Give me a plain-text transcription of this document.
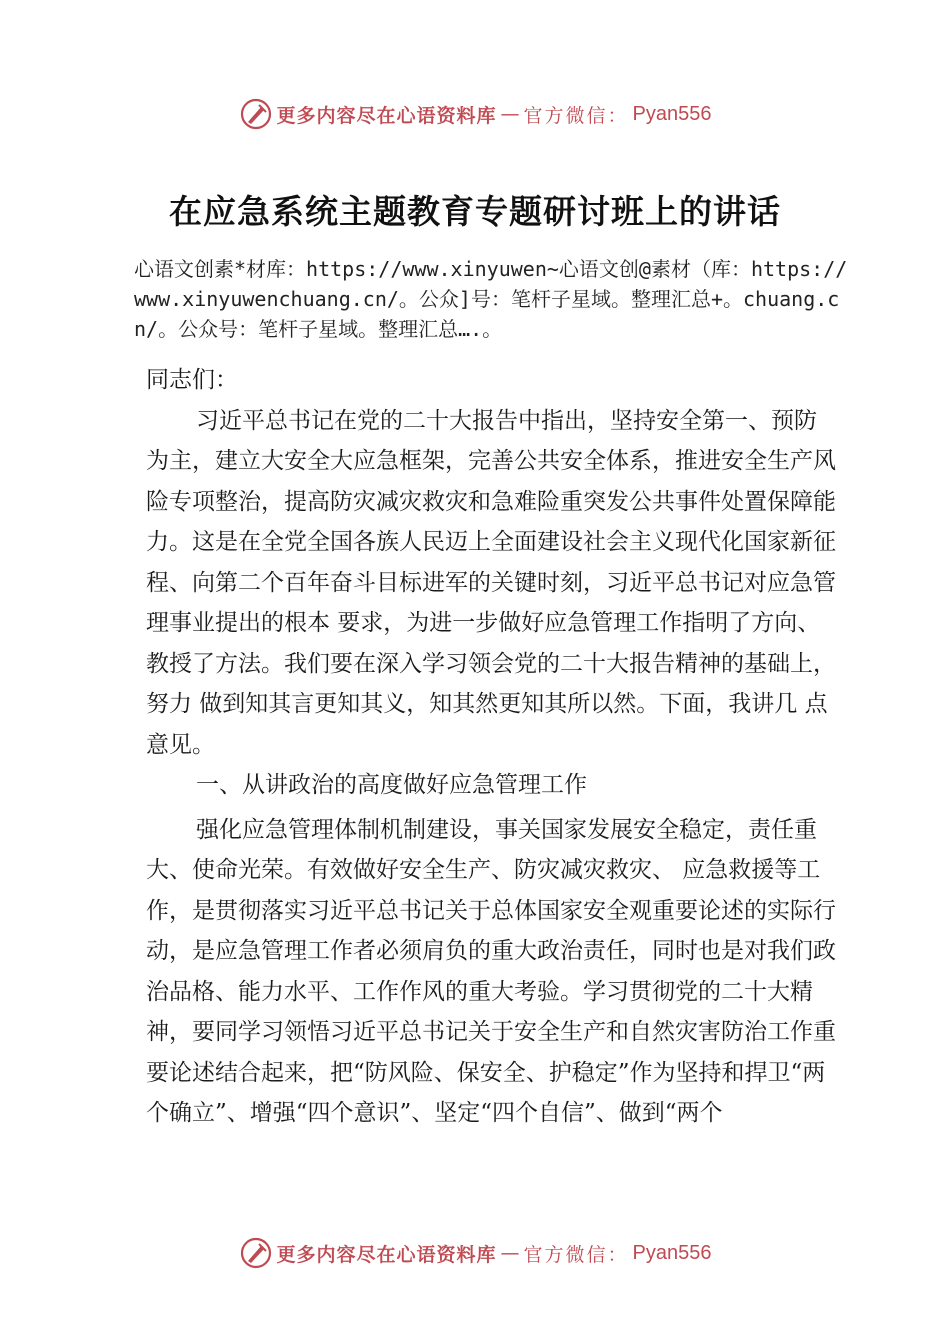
更多内容尽在心语资料库 — 官方微信： Pyan556
在应急系统主题教育专题研讨班上的讲话
心语文创素*材库：https://www.xinyuwen~心语文创@素材（库：https://www.xinyuwenchuang.cn/。公众]号：笔杆子星域。整理汇总+。chuang.cn/。公众号：笔杆子星域。整理汇总….。

同志们：

习近平总书记在党的二十大报告中指出，坚持安全第一、预防为主，建立大安全大应急框架，完善公共安全体系，推进安全生产风险专项整治，提高防灾减灾救灾和急难险重突发公共事件处置保障能力。这是在全党全国各族人民迈上全面建设社会主义现代化国家新征程、向第二个百年奋斗目标进军的关键时刻，习近平总书记对应急管理事业提出的根本 要求，为进一步做好应急管理工作指明了方向、教授了方法。我们要在深入学习领会党的二十大报告精神的基础上，努力 做到知其言更知其义，知其然更知其所以然。下面，我讲几 点意见。

一、从讲政治的高度做好应急管理工作

强化应急管理体制机制建设，事关国家发展安全稳定，责任重大、使命光荣。有效做好安全生产、防灾减灾救灾、 应急救援等工作，是贯彻落实习近平总书记关于总体国家安全观重要论述的实际行动，是应急管理工作者必须肩负的重大政治责任，同时也是对我们政治品格、能力水平、工作作风的重大考验。学习贯彻党的二十大精神，要同学习领悟习近平总书记关于安全生产和自然灾害防治工作重要论述结合起来，把“防风险、保安全、护稳定”作为坚持和捍卫“两个确立”、增强“四个意识”、坚定“四个自信”、做到“两个

更多内容尽在心语资料库 — 官方微信： Pyan556
